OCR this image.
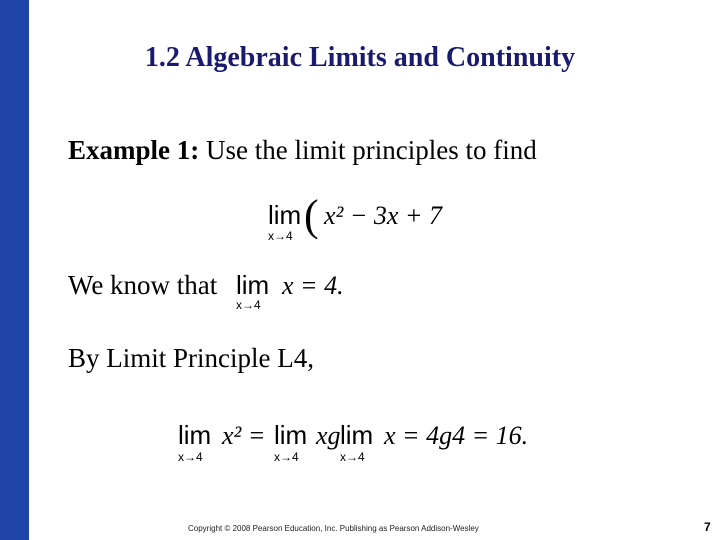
1.2 Algebraic Limits and Continuity
Example 1: Use the limit principles to find
lim
x→4 ( x² − 3x + 7
We know that lim
x→4
x = 4.
By Limit Principle L4,
lim
x→4
x² = lim
x→4
xg lim
x→4
x = 4g4 = 16.
Copyright © 2008 Pearson Education, Inc. Publishing as Pearson Addison-Wesley	7
